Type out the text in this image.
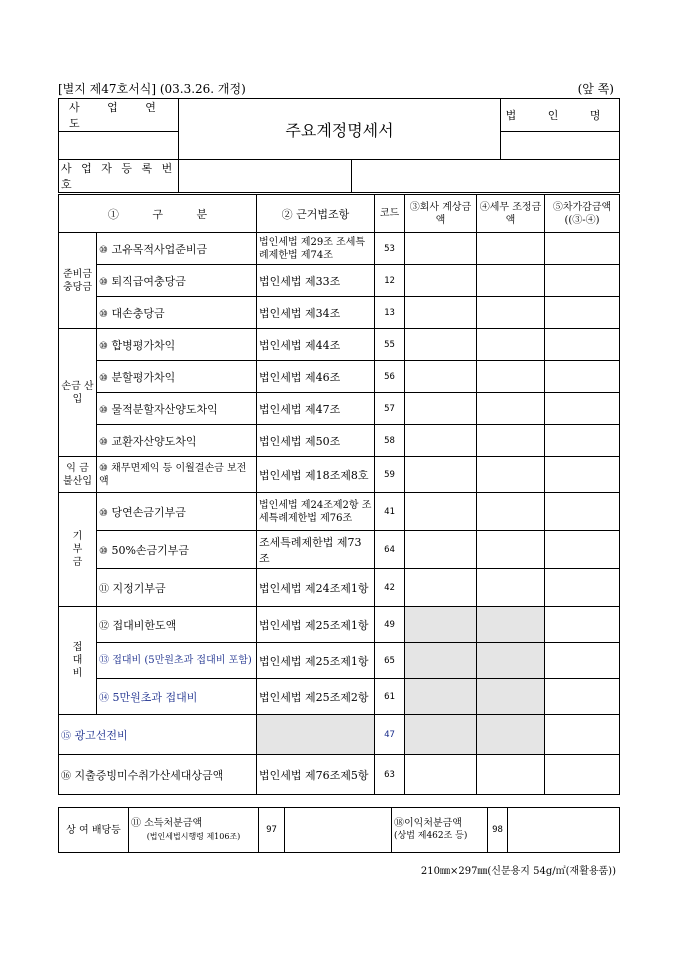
[별지 제47호서식] (03.3.26. 개정)	(앞 쪽)
사 업 연 도	주요계정명세서		법 인 명

사 업 자 등 록 번 호			
① 구 분		② 근거법조항	코드	③회사 계상금액	④세무 조정금액	⑤차가감금액 ((③-④)
준비금 충당금	⑩ 고유목적사업준비금	법인세법 제29조 조세특례제한법 제74조	53			
	⑩ 퇴직급여충당금	법인세법 제33조	12			
	⑩ 대손충당금	법인세법 제34조	13			
손금 산입	⑩ 합병평가차익	법인세법 제44조	55			
	⑩ 분할평가차익	법인세법 제46조	56			
	⑩ 물적분할자산양도차익	법인세법 제47조	57			
	⑩ 교환자산양도차익	법인세법 제50조	58			
익 금 불산입	⑩ 채무면제익 등 이월결손금 보전액	법인세법 제18조제8호	59			
기 부 금	⑩ 당연손금기부금	법인세법 제24조제2항 조세특례제한법 제76조	41			
	⑩ 50%손금기부금	조세특례제한법 제73조	64			
	⑪ 지정기부금	법인세법 제24조제1항	42			
접 대 비	⑫ 접대비한도액	법인세법 제25조제1항	49			
	⑬ 접대비 (5만원초과 접대비 포함)	법인세법 제25조제1항	65			
	⑭ 5만원초과 접대비	법인세법 제25조제2항	61			
⑮ 광고선전비			47			
⑯ 지출증빙미수취가산세대상금액		법인세법 제76조제5항	63			
상 여 배당등	
⑪ 소득처분금액
(법인세법시행령 제106조)
	97		
⑱이익처분금액
(상법 제462조 등)
	98	
210㎜×297㎜(신문용지 54g/㎡(재활용품))
